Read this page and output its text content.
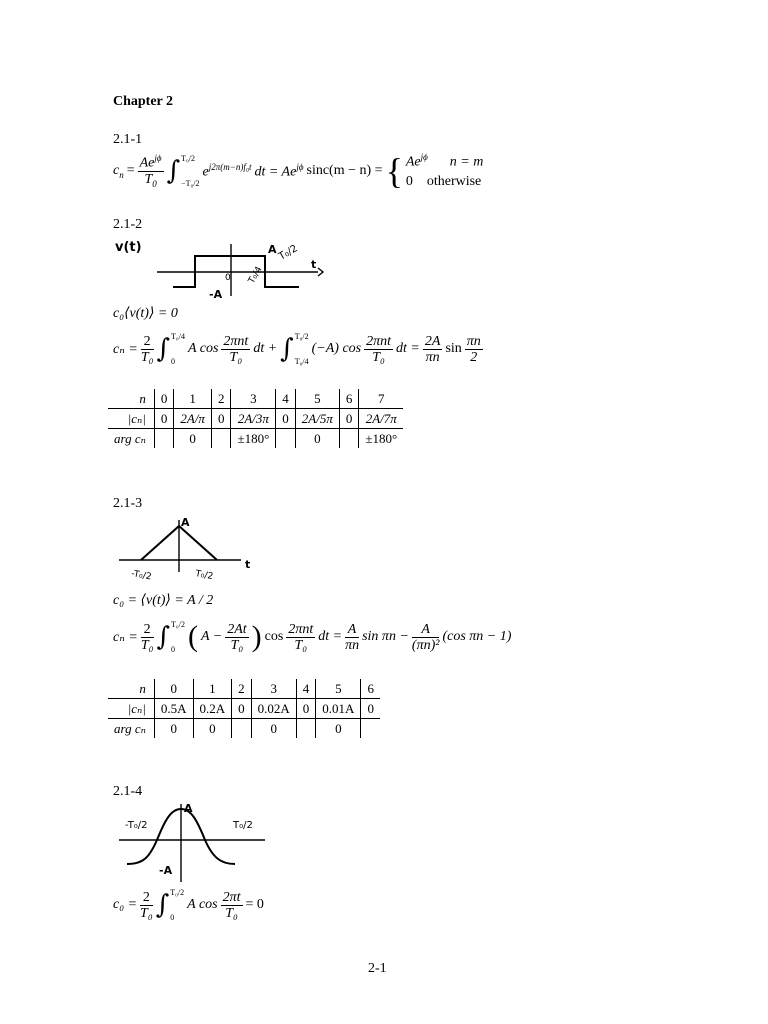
Chapter 2
2.1-1
$c_n = \frac{Ae^{j\phi}}{T_0}$ ∫ T₀/2
−T₀/2
$e^{j2\pi(m-n)f_0t}$ dt = $Ae^{j\phi}$ sinc(m − n) = { $Ae^{j\phi}$ n = m
0 otherwise
2.1-2
v(t)	A
0 T₀/4
T₀/2
t
-A
c₀⟨v(t)⟩ = 0
$c_n = \frac{2}{\text{T₀}}$ ∫ T₀/4
0
A $\cos \frac{\text{2πnt}}{\text{T₀}}$ dt + ∫ T₀/2
T₀/4
(−A) $\cos \frac{\text{2πnt}}{\text{T₀}}$ dt = $\frac{2A}{\pi n}$ $\sin \frac{\pi n}{2}$
n	0	1	2	3	4	5	6	7
|cₙ|	0	2A/π	0	2A/3π	0	2A/5π	0	2A/7π
arg cₙ		0		±180°		0		±180°
2.1-3
A
-T₀/2	T₀/2
t
c₀ = ⟨v(t)⟩ = A / 2
$c_n = \frac{2}{\text{T₀}}$ ∫ T₀/2
0 ( $A - \frac{2At}{\text{T₀}}$ ) $\cos \frac{\text{2πnt}}{\text{T₀}}$ dt = $\frac{A}{\pi n}$ $\sin \pi n - \frac{A}{\text{(πn)²}} (\cos$ πn − 1)
n	0	1	2	3	4	5	6
|cₙ|	0.5A	0.2A	0	0.02A	0	0.01A	0
arg cₙ	0	0		0		0	
2.1-4
A
-T₀/2	T₀/2
-A
$c_0 = \frac{2}{\text{T₀}}$ ∫ T₀/2
0
A $\cos \frac{2\pi t}{\text{T₀}} = 0$
2-1
